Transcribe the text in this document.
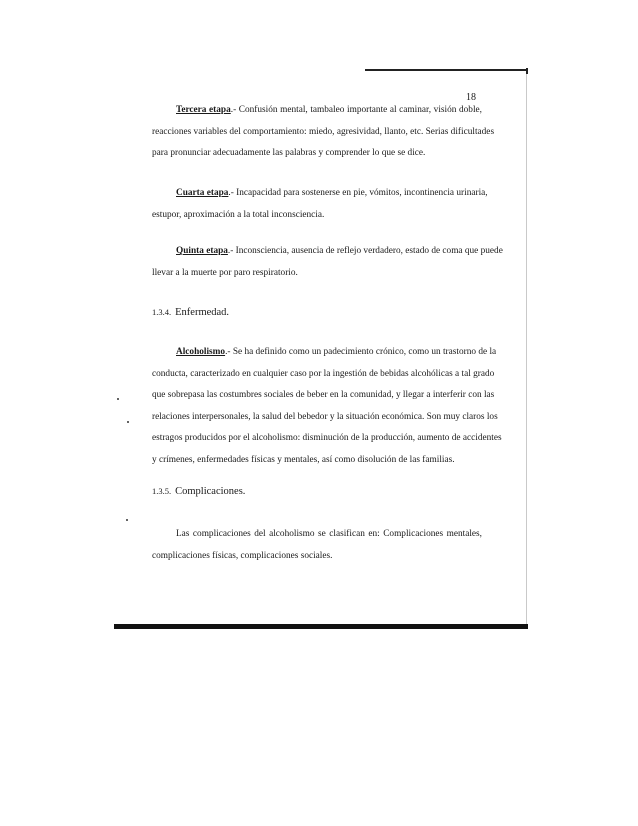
18
Tercera etapa.- Confusión mental, tambaleo importante al caminar, visión doble,
reacciones variables del comportamiento: miedo, agresividad, llanto, etc. Serias dificultades
para pronunciar adecuadamente las palabras y comprender lo que se dice.
Cuarta etapa.- Incapacidad para sostenerse en pie, vómitos, incontinencia urinaria,
estupor, aproximación a la total inconsciencia.
Quinta etapa.- Inconsciencia, ausencia de reflejo verdadero, estado de coma que puede
llevar a la muerte por paro respiratorio.
1.3.4. Enfermedad.
Alcoholismo.- Se ha definido como un padecimiento crónico, como un trastorno de la
conducta, caracterizado en cualquier caso por la ingestión de bebidas alcohólicas a tal grado
que sobrepasa las costumbres sociales de beber en la comunidad, y llegar a interferir con las
relaciones interpersonales, la salud del bebedor y la situación económica. Son muy claros los
estragos producidos por el alcoholismo: disminución de la producción, aumento de accidentes
y crímenes, enfermedades físicas y mentales, así como disolución de las familias.
1.3.5. Complicaciones.
Las complicaciones del alcoholismo se clasifican en: Complicaciones mentales,
complicaciones físicas, complicaciones sociales.
